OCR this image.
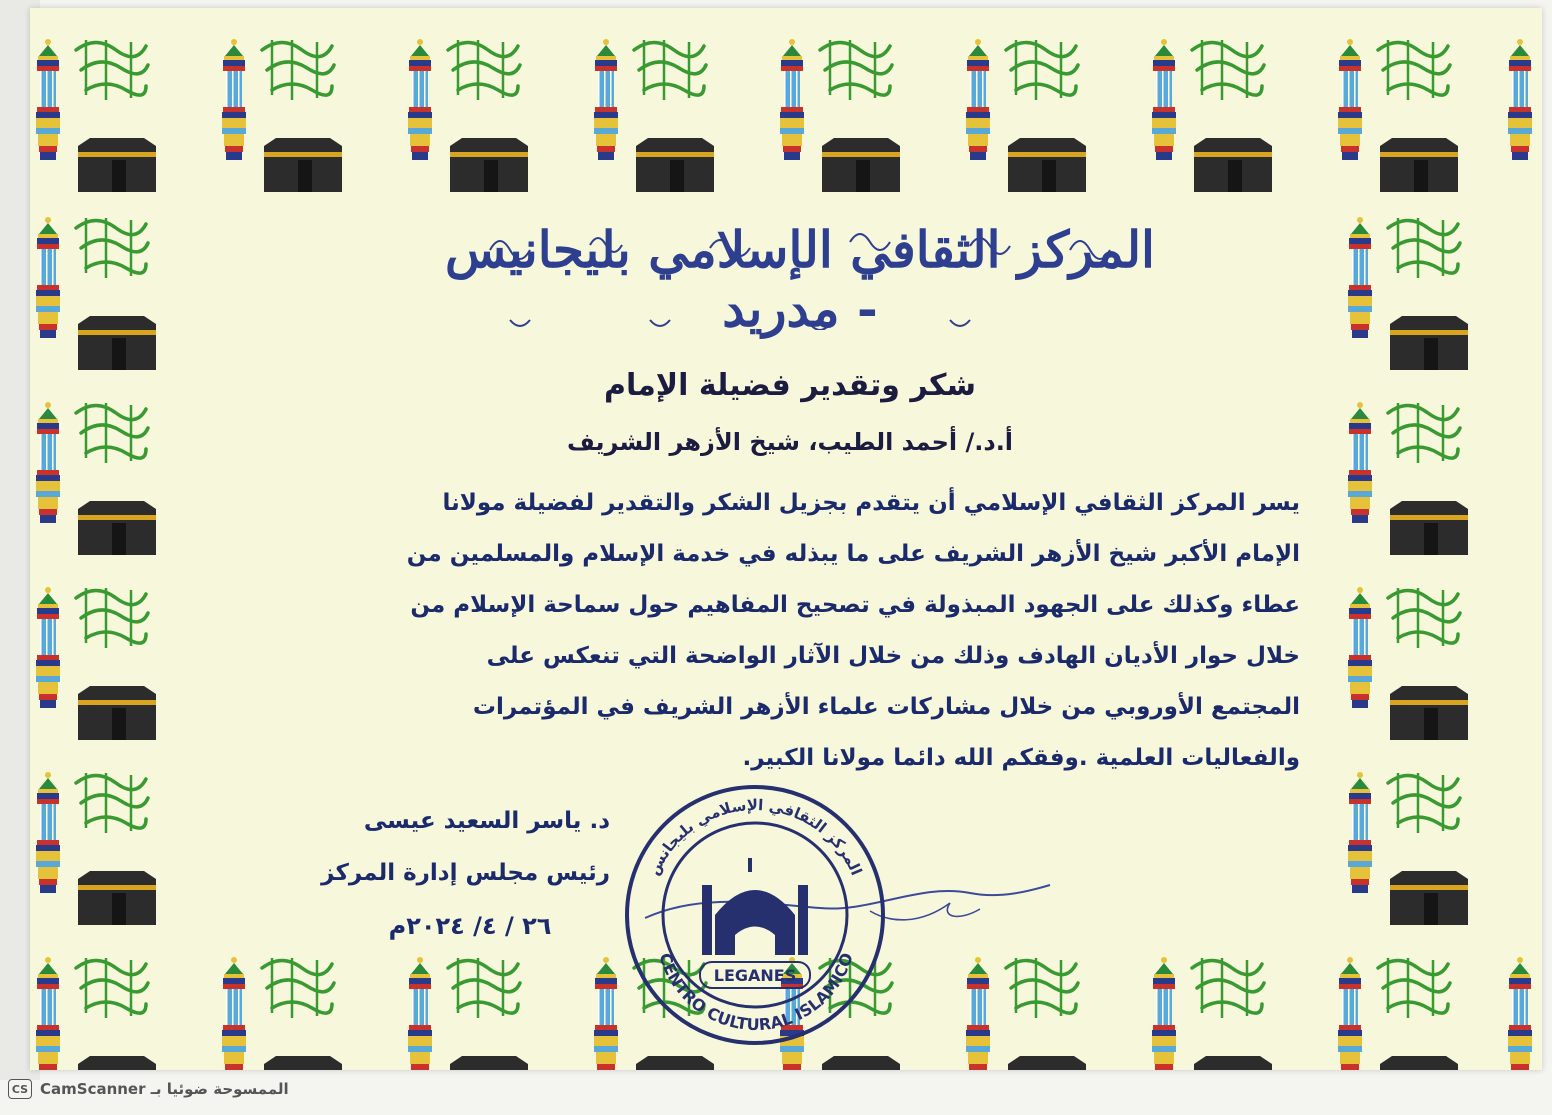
المركز الثقافي الإسلامي بليجانيس - مدريد
شكر وتقدير فضيلة الإمام
أ.د./ أحمد الطيب، شيخ الأزهر الشريف
يسر المركز الثقافي الإسلامي أن يتقدم بجزيل الشكر والتقدير لفضيلة مولانا
الإمام الأكبر شيخ الأزهر الشريف على ما يبذله في خدمة الإسلام والمسلمين من
عطاء وكذلك على الجهود المبذولة في تصحيح المفاهيم حول سماحة الإسلام من
خلال حوار الأديان الهادف وذلك من خلال الآثار الواضحة التي تنعكس على
المجتمع الأوروبي من خلال مشاركات علماء الأزهر الشريف في المؤتمرات
والفعاليات العلمية .وفقكم الله دائما مولانا الكبير.
د. ياسر السعيد عيسى
رئيس مجلس إدارة المركز
٢٦ / ٤/ ٢٠٢٤م
المركز الثقافي الإسلامي بليجانس
CENTRO CULTURAL ISLAMICO
LEGANES
CS الممسوحة ضوئيا بـ CamScanner
